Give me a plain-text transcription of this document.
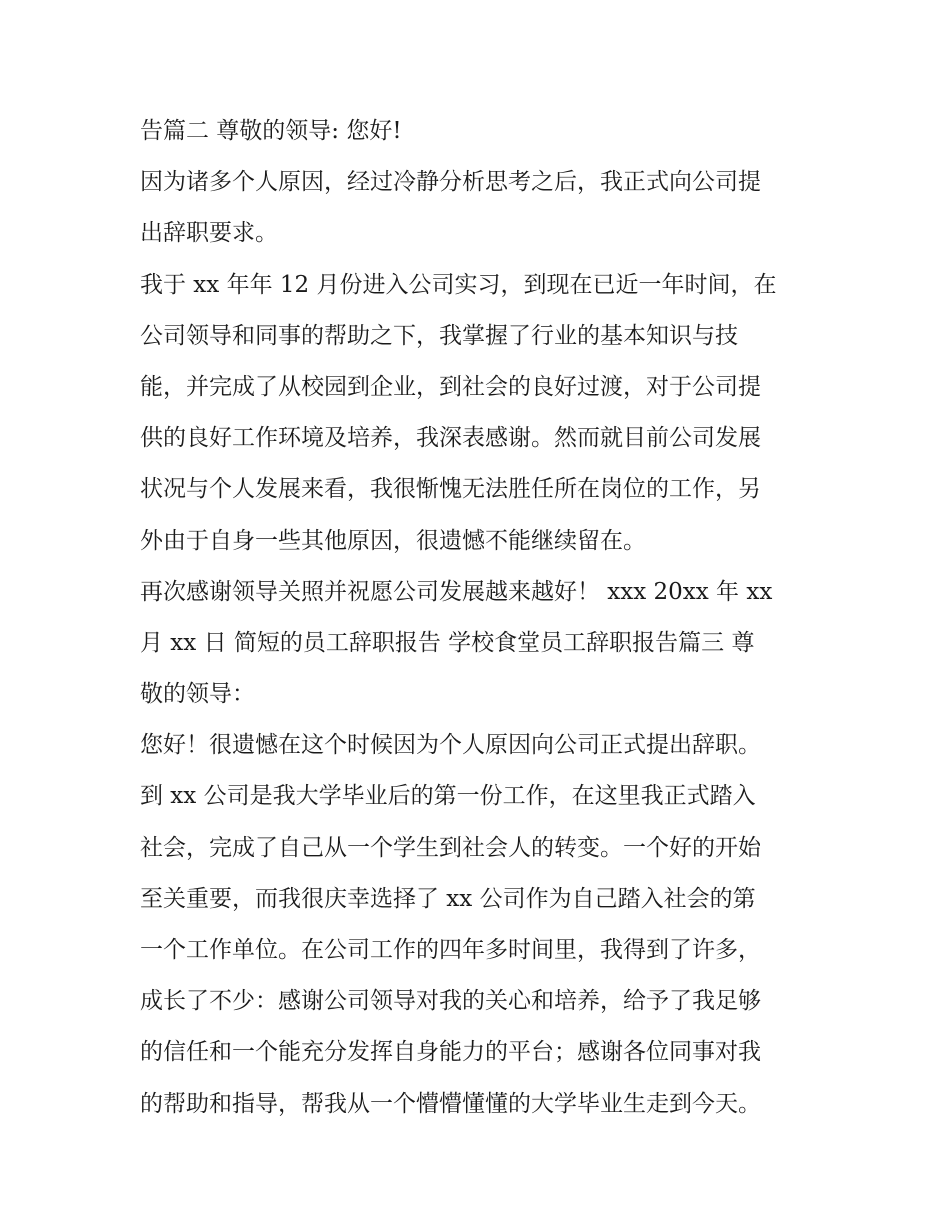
告篇二 尊敬的领导: 您好!
因为诸多个人原因，经过冷静分析思考之后，我正式向公司提
出辞职要求。
我于 xx 年年 12 月份进入公司实习，到现在已近一年时间，在
公司领导和同事的帮助之下，我掌握了行业的基本知识与技
能，并完成了从校园到企业，到社会的良好过渡，对于公司提
供的良好工作环境及培养，我深表感谢。然而就目前公司发展
状况与个人发展来看，我很惭愧无法胜任所在岗位的工作，另
外由于自身一些其他原因，很遗憾不能继续留在。
再次感谢领导关照并祝愿公司发展越来越好！ xxx 20xx 年 xx
月 xx 日 简短的员工辞职报告 学校食堂员工辞职报告篇三 尊
敬的领导：
您好！很遗憾在这个时候因为个人原因向公司正式提出辞职。
到 xx 公司是我大学毕业后的第一份工作，在这里我正式踏入
社会，完成了自己从一个学生到社会人的转变。一个好的开始
至关重要，而我很庆幸选择了 xx 公司作为自己踏入社会的第
一个工作单位。在公司工作的四年多时间里，我得到了许多，
成长了不少：感谢公司领导对我的关心和培养，给予了我足够
的信任和一个能充分发挥自身能力的平台；感谢各位同事对我
的帮助和指导，帮我从一个懵懵懂懂的大学毕业生走到今天。
